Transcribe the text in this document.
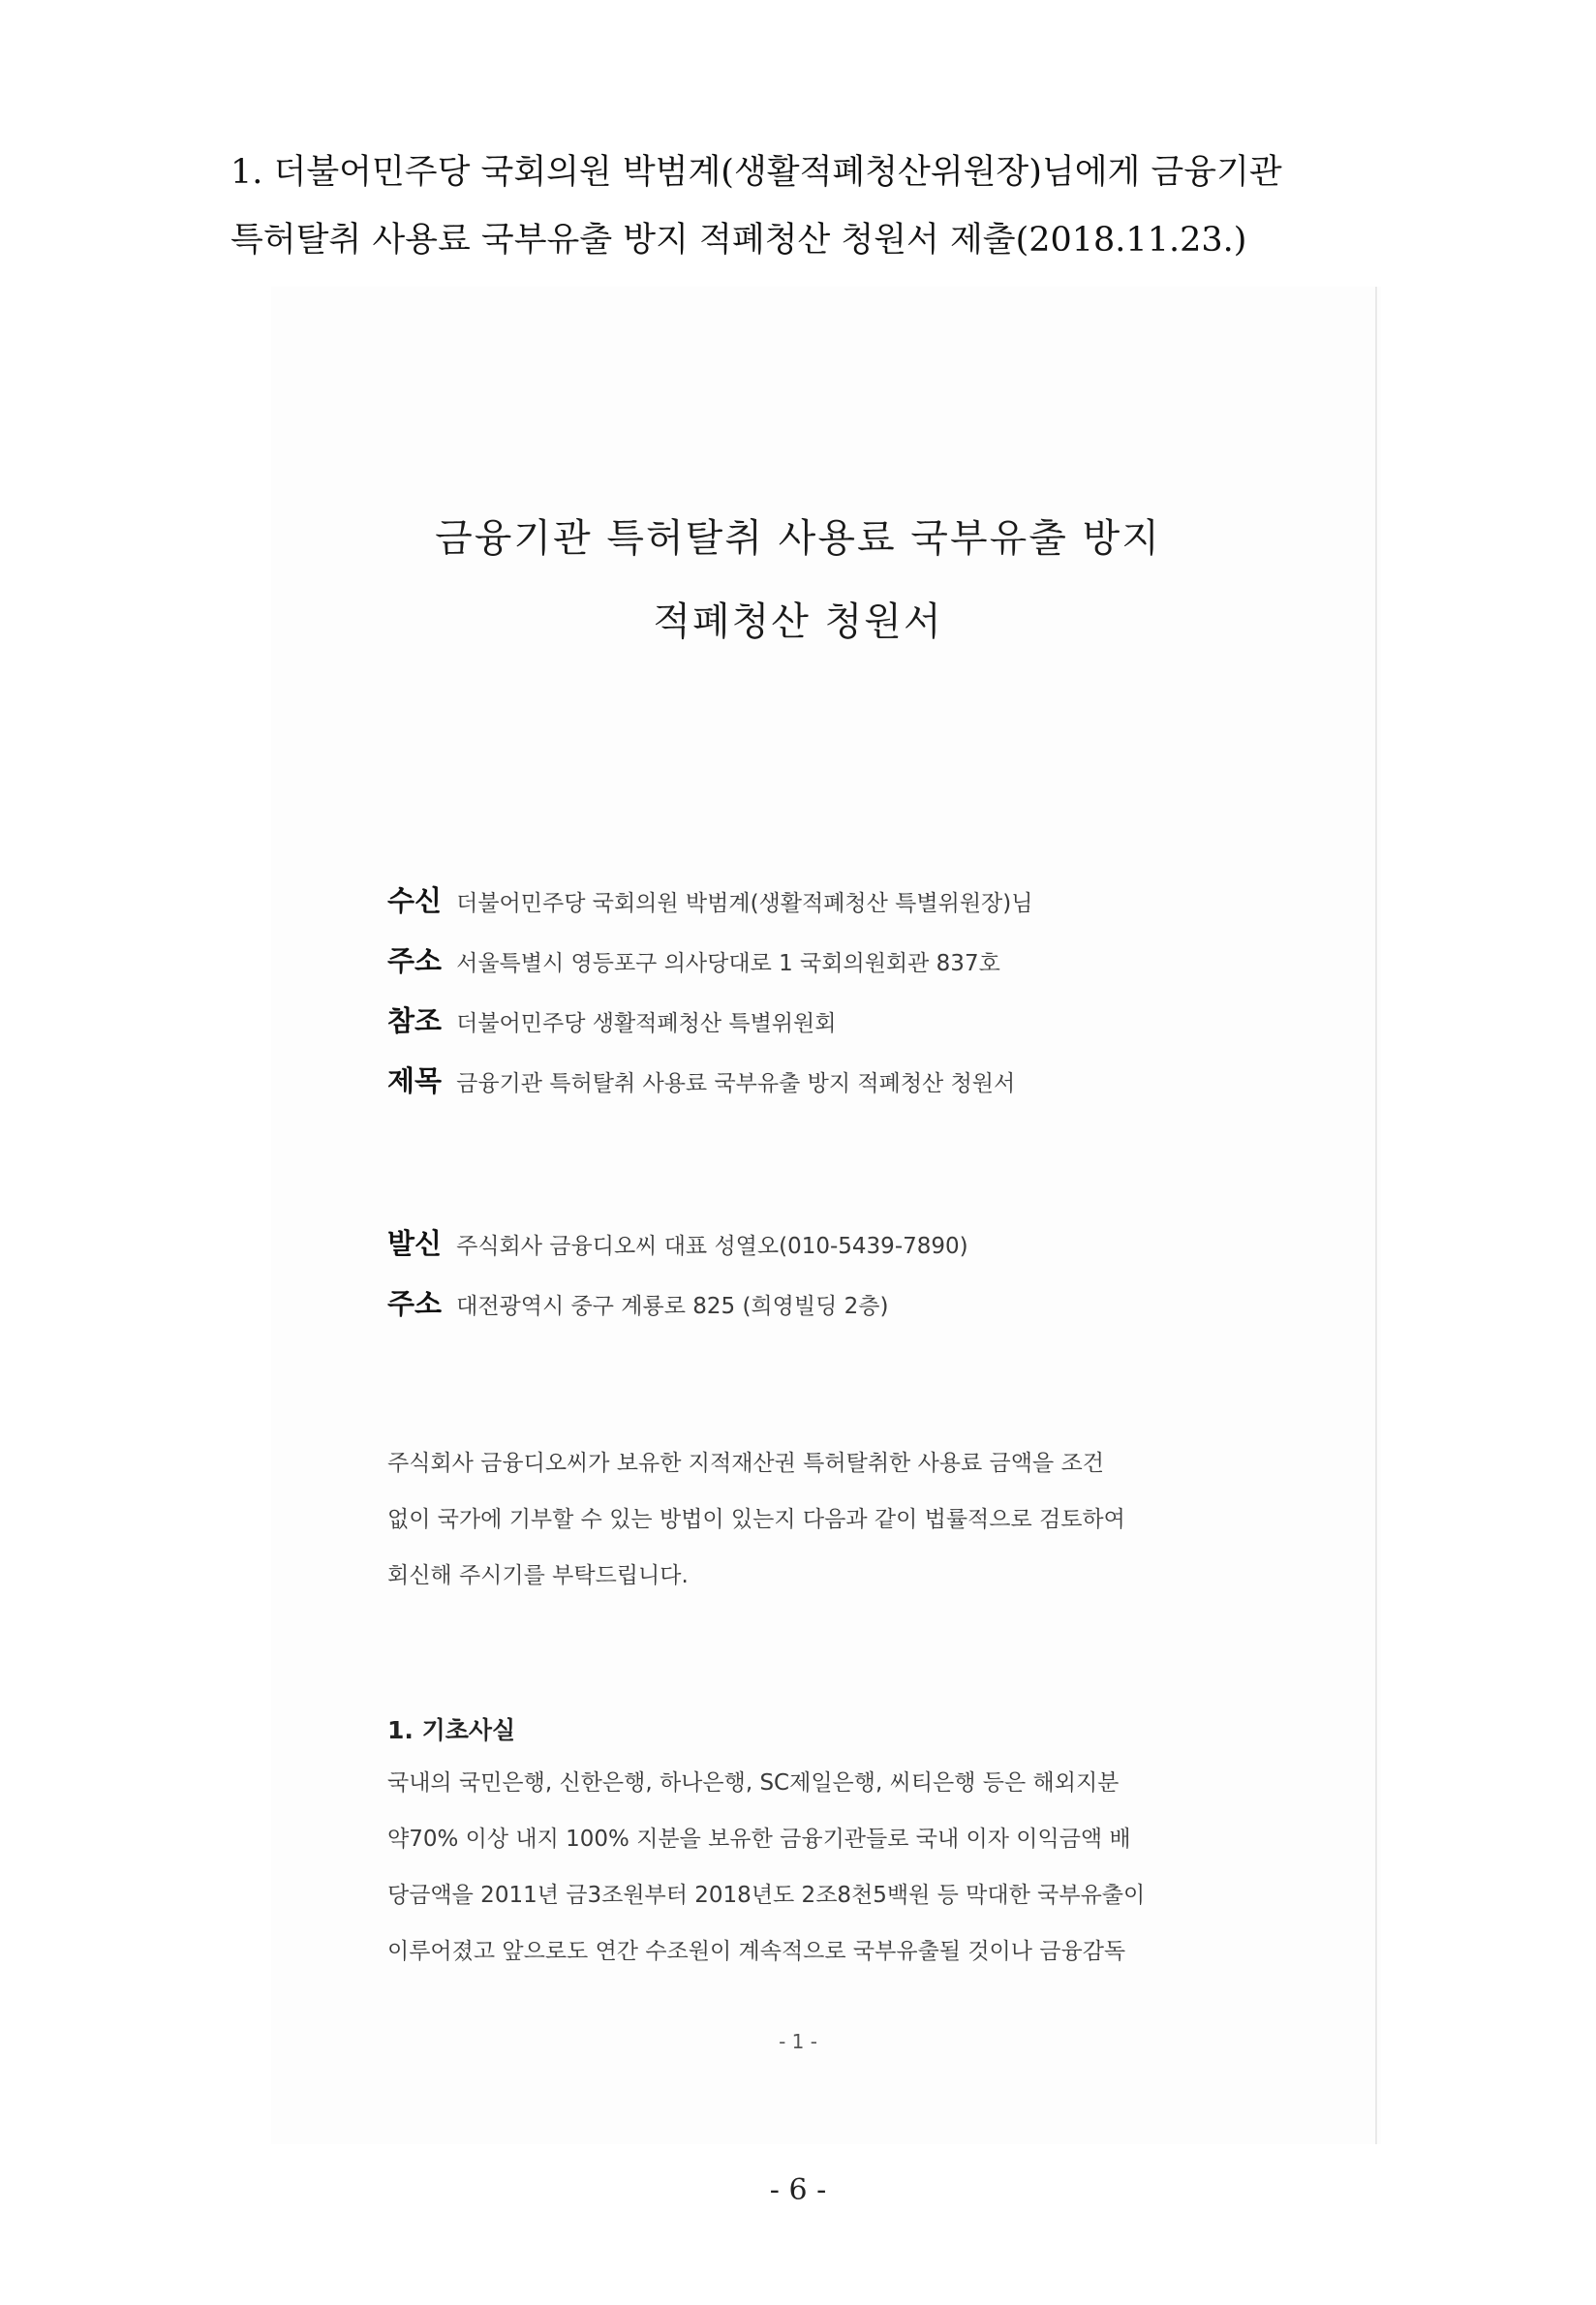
1. 더불어민주당 국회의원 박범계(생활적폐청산위원장)님에게 금융기관
특허탈취 사용료 국부유출 방지 적폐청산 청원서 제출(2018.11.23.)
금융기관 특허탈취 사용료 국부유출 방지
적폐청산 청원서
수신 더불어민주당 국회의원 박범계(생활적폐청산 특별위원장)님
주소 서울특별시 영등포구 의사당대로 1 국회의원회관 837호
참조 더불어민주당 생활적폐청산 특별위원회
제목 금융기관 특허탈취 사용료 국부유출 방지 적폐청산 청원서
발신 주식회사 금융디오씨 대표 성열오(010-5439-7890)
주소 대전광역시 중구 계룡로 825 (희영빌딩 2층)
주식회사 금융디오씨가 보유한 지적재산권 특허탈취한 사용료 금액을 조건
없이 국가에 기부할 수 있는 방법이 있는지 다음과 같이 법률적으로 검토하여
회신해 주시기를 부탁드립니다.
1. 기초사실
국내의 국민은행, 신한은행, 하나은행, SC제일은행, 씨티은행 등은 해외지분
약70% 이상 내지 100% 지분을 보유한 금융기관들로 국내 이자 이익금액 배
당금액을 2011년 금3조원부터 2018년도 2조8천5백원 등 막대한 국부유출이
이루어졌고 앞으로도 연간 수조원이 계속적으로 국부유출될 것이나 금융감독
- 1 -
- 6 -
